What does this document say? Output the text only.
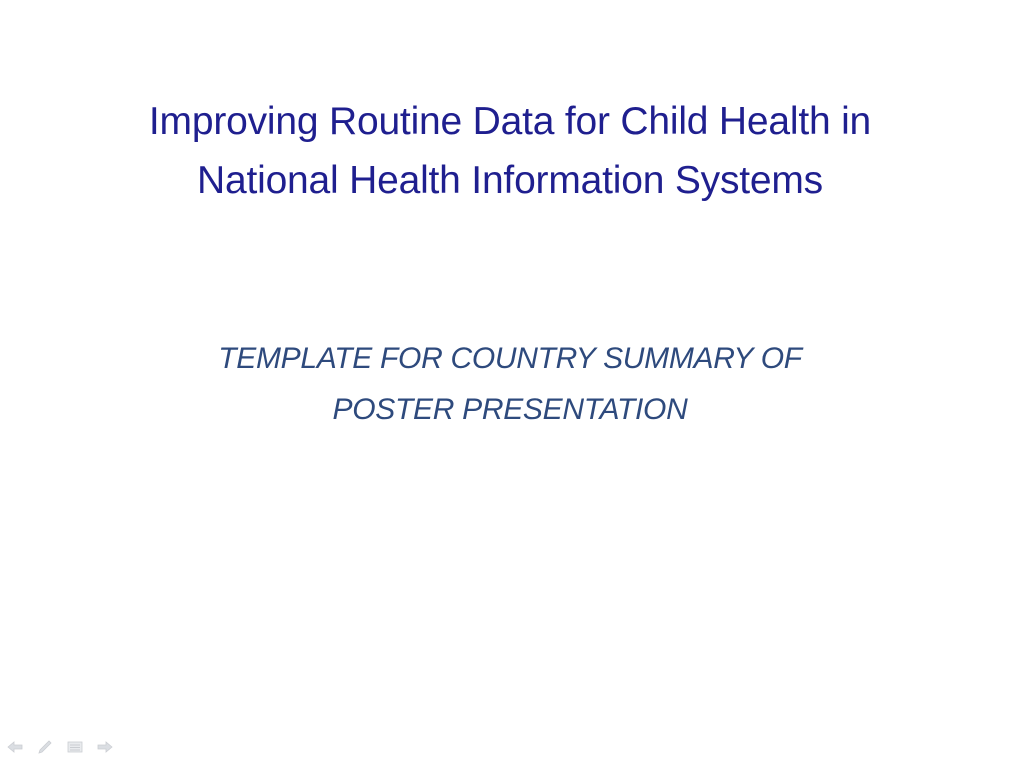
Improving Routine Data for Child Health in
National Health Information Systems
TEMPLATE FOR COUNTRY SUMMARY OF
POSTER PRESENTATION
